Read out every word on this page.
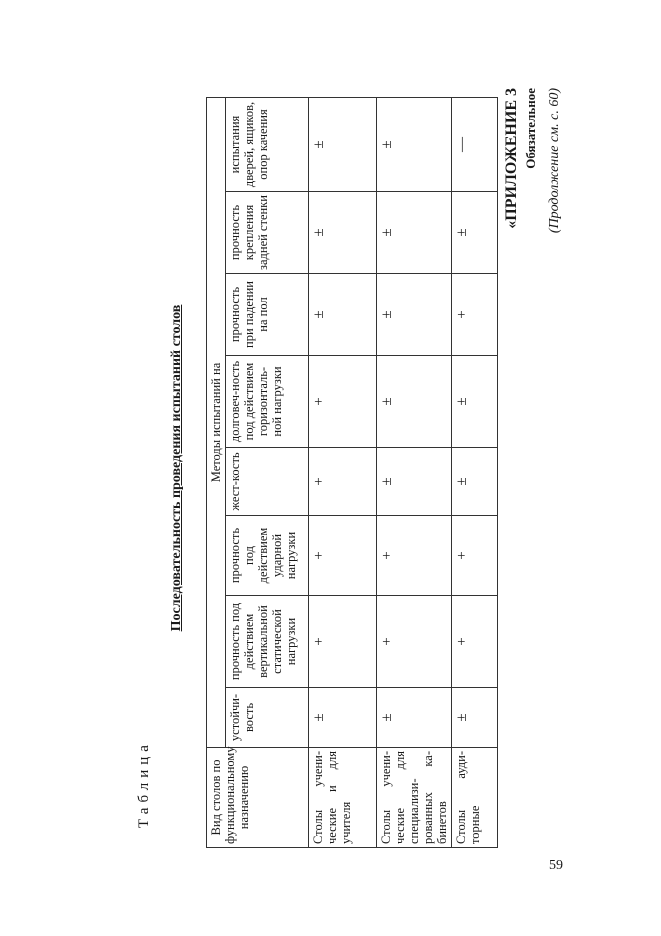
Таблица
Последовательность проведения испытаний столов
«ПРИЛОЖЕНИЕ 3 Обязательное (Продолжение см. с. 60)
Вид столов по функциональному назначению	Методы испытаний на							
	устойчи-вость	прочность под действием вертикальной статической нагрузки	прочность под действием ударной нагрузки	жест-кость	долговеч-ность под действием горизонталь-ной нагрузки	прочность при падении на пол	прочность крепления задней стенки	испытания дверей, ящиков, опор качения
Столы учени-ческие и для учителя	±	+	+	+	+	±	±	±
Столы учени-ческие для специализи-рованных ка-бинетов	±	+	+	±	±	±	±	±
Столы ауди-торные	±	+	+	±	±	+	±	—
59
